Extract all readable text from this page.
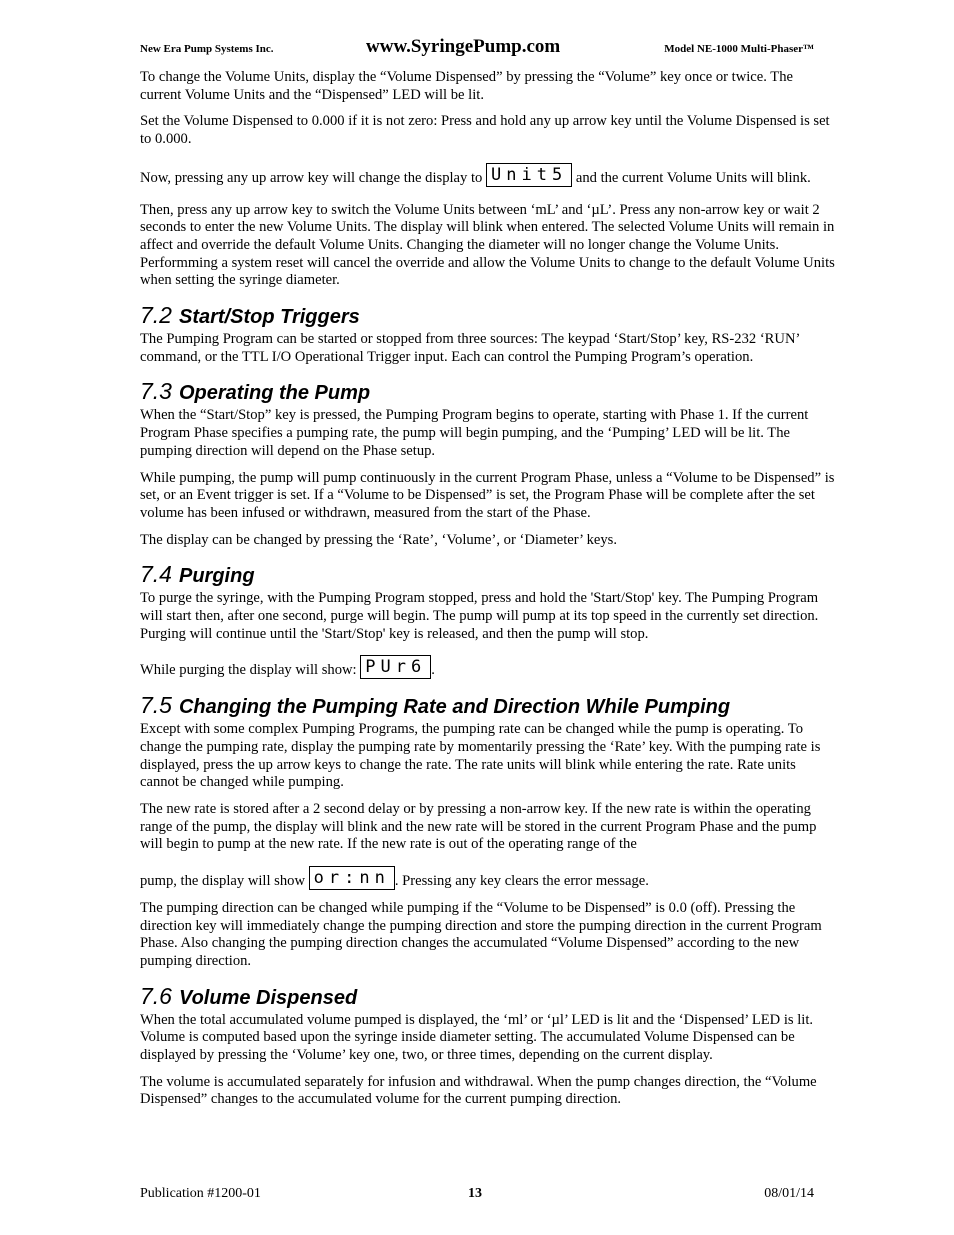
New Era Pump Systems Inc.	www.SyringePump.com	Model NE-1000 Multi-Phaser™

To change the Volume Units, display the “Volume Dispensed” by pressing the “Volume” key once or twice. The current Volume Units and the “Dispensed” LED will be lit.

Set the Volume Dispensed to 0.000 if it is not zero: Press and hold any up arrow key until the Volume Dispensed is set to 0.000.

Now, pressing any up arrow key will change the display to Unit5 and the current Volume Units will blink.

Then, press any up arrow key to switch the Volume Units between ‘mL’ and ‘µL’. Press any non-arrow key or wait 2 seconds to enter the new Volume Units. The display will blink when entered. The selected Volume Units will remain in affect and override the default Volume Units. Changing the diameter will no longer change the Volume Units. Performming a system reset will cancel the override and allow the Volume Units to change to the default Volume Units when setting the syringe diameter.

7.2 Start/Stop Triggers

The Pumping Program can be started or stopped from three sources: The keypad ‘Start/Stop’ key, RS-232 ‘RUN’ command, or the TTL I/O Operational Trigger input. Each can control the Pumping Program’s operation.

7.3 Operating the Pump

When the “Start/Stop” key is pressed, the Pumping Program begins to operate, starting with Phase 1. If the current Program Phase specifies a pumping rate, the pump will begin pumping, and the ‘Pumping’ LED will be lit. The pumping direction will depend on the Phase setup.

While pumping, the pump will pump continuously in the current Program Phase, unless a “Volume to be Dispensed” is set, or an Event trigger is set. If a “Volume to be Dispensed” is set, the Program Phase will be complete after the set volume has been infused or withdrawn, measured from the start of the Phase.

The display can be changed by pressing the ‘Rate’, ‘Volume’, or ‘Diameter’ keys.

7.4 Purging

To purge the syringe, with the Pumping Program stopped, press and hold the 'Start/Stop' key. The Pumping Program will start then, after one second, purge will begin. The pump will pump at its top speed in the currently set direction. Purging will continue until the 'Start/Stop' key is released, and then the pump will stop.

While purging the display will show: PUr6 .

7.5 Changing the Pumping Rate and Direction While Pumping

Except with some complex Pumping Programs, the pumping rate can be changed while the pump is operating. To change the pumping rate, display the pumping rate by momentarily pressing the ‘Rate’ key. With the pumping rate is displayed, press the up arrow keys to change the rate. The rate units will blink while entering the rate. Rate units cannot be changed while pumping.

The new rate is stored after a 2 second delay or by pressing a non-arrow key. If the new rate is within the operating range of the pump, the display will blink and the new rate will be stored in the current Program Phase and the pump will begin to pump at the new rate. If the new rate is out of the operating range of the

pump, the display will show or:nn . Pressing any key clears the error message.

The pumping direction can be changed while pumping if the “Volume to be Dispensed” is 0.0 (off). Pressing the direction key will immediately change the pumping direction and store the pumping direction in the current Program Phase. Also changing the pumping direction changes the accumulated “Volume Dispensed” according to the new pumping direction.

7.6 Volume Dispensed

When the total accumulated volume pumped is displayed, the ‘ml’ or ‘µl’ LED is lit and the ‘Dispensed’ LED is lit. Volume is computed based upon the syringe inside diameter setting. The accumulated Volume Dispensed can be displayed by pressing the ‘Volume’ key one, two, or three times, depending on the current display.

The volume is accumulated separately for infusion and withdrawal. When the pump changes direction, the “Volume Dispensed” changes to the accumulated volume for the current pumping direction.

Publication #1200-01	13	08/01/14
